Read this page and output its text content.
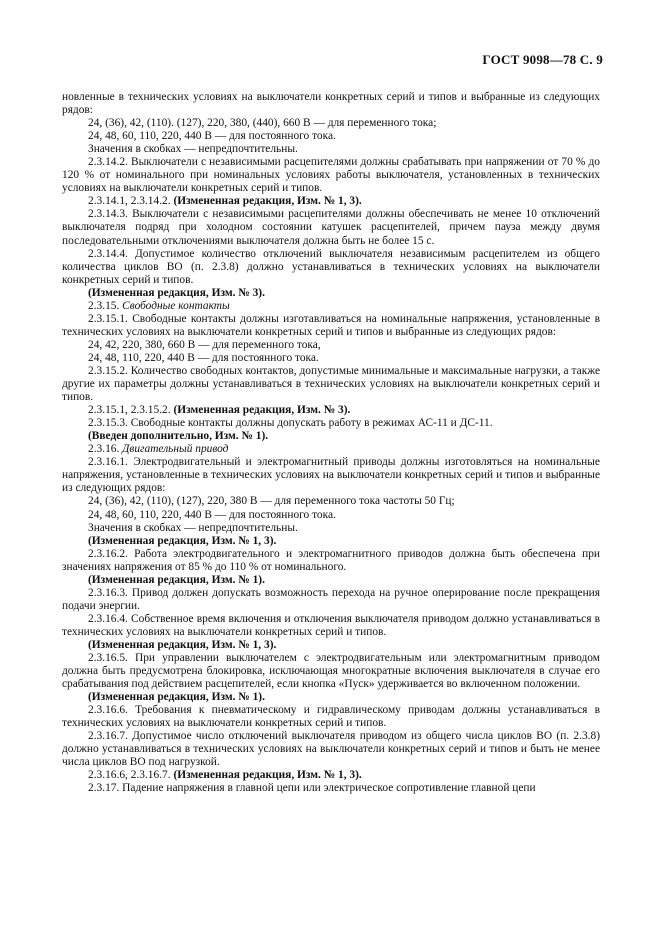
ГОСТ 9098—78 С. 9

новленные в технических условиях на выключатели конкретных серий и типов и выбранные из следующих рядов:

24, (36), 42, (110). (127), 220, 380, (440), 660 В — для переменного тока;

24, 48, 60, 110, 220, 440 В — для постоянного тока.

Значения в скобках — непредпочтительны.

2.3.14.2. Выключатели с независимыми расцепителями должны срабатывать при напряжении от 70 % до 120 % от номинального при номинальных условиях работы выключателя, установленных в технических условиях на выключатели конкретных серий и типов.

2.3.14.1, 2.3.14.2. (Измененная редакция, Изм. № 1, 3).

2.3.14.3. Выключатели с независимыми расцепителями должны обеспечивать не менее 10 отключений выключателя подряд при холодном состоянии катушек расцепителей, причем пауза между двумя последовательными отключениями выключателя должна быть не более 15 с.

2.3.14.4. Допустимое количество отключений выключателя независимым расцепителем из общего количества циклов ВО (п. 2.3.8) должно устанавливаться в технических условиях на выключатели конкретных серий и типов.

(Измененная редакция, Изм. № 3).

2.3.15. Свободные контакты

2.3.15.1. Свободные контакты должны изготавливаться на номинальные напряжения, установленные в технических условиях на выключатели конкретных серий и типов и выбранные из следующих рядов:

24, 42, 220, 380, 660 В — для переменного тока,

24, 48, 110, 220, 440 В — для постоянного тока.

2.3.15.2. Количество свободных контактов, допустимые минимальные и максимальные нагрузки, а также другие их параметры должны устанавливаться в технических условиях на выключатели конкретных серий и типов.

2.3.15.1, 2.3.15.2. (Измененная редакция, Изм. № 3).

2.3.15.3. Свободные контакты должны допускать работу в режимах АС-11 и ДС-11.

(Введен дополнительно, Изм. № 1).

2.3.16. Двигательный привод

2.3.16.1. Электродвигательный и электромагнитный приводы должны изготовляться на номинальные напряжения, установленные в технических условиях на выключатели конкретных серий и типов и выбранные из следующих рядов:

24, (36), 42, (110), (127), 220, 380 В — для переменного тока частоты 50 Гц;

24, 48, 60, 110, 220, 440 В — для постоянного тока.

Значения в скобках — непредпочтительны.

(Измененная редакция, Изм. № 1, 3).

2.3.16.2. Работа электродвигательного и электромагнитного приводов должна быть обеспечена при значениях напряжения от 85 % до 110 % от номинального.

(Измененная редакция, Изм. № 1).

2.3.16.3. Привод должен допускать возможность перехода на ручное оперирование после прекращения подачи энергии.

2.3.16.4. Собственное время включения и отключения выключателя приводом должно устанавливаться в технических условиях на выключатели конкретных серий и типов.

(Измененная редакция, Изм. № 1, 3).

2.3.16.5. При управлении выключателем с электродвигательным или электромагнитным приводом должна быть предусмотрена блокировка, исключающая многократные включения выключателя в случае его срабатывания под действием расцепителей, если кнопка «Пуск» удерживается во включенном положении.

(Измененная редакция, Изм. № 1).

2.3.16.6. Требования к пневматическому и гидравлическому приводам должны устанавливаться в технических условиях на выключатели конкретных серий и типов.

2.3.16.7. Допустимое число отключений выключателя приводом из общего числа циклов ВО (п. 2.3.8) должно устанавливаться в технических условиях на выключатели конкретных серий и типов и быть не менее числа циклов ВО под нагрузкой.

2.3.16.6, 2.3.16.7. (Измененная редакция, Изм. № 1, 3).

2.3.17. Падение напряжения в главной цепи или электрическое сопротивление главной цепи
